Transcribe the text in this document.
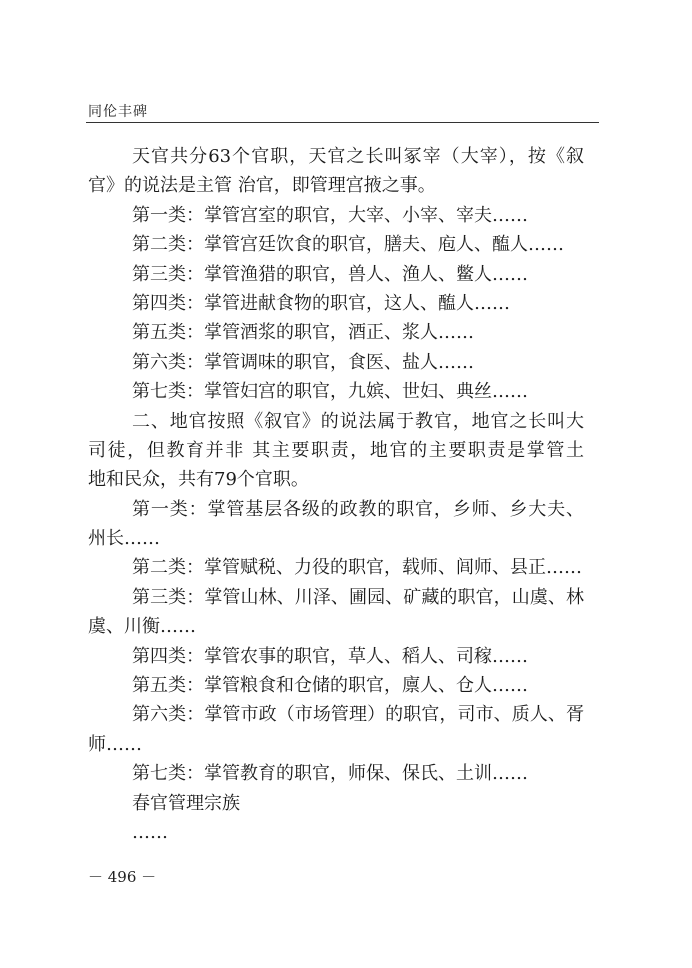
同伦丰碑
天官共分63个官职，天官之长叫冢宰（大宰），按《叙
官》的说法是主管 治官，即管理宫掖之事。
第一类：掌管宫室的职官，大宰、小宰、宰夫……
第二类：掌管宫廷饮食的职官，膳夫、庖人、醢人……
第三类：掌管渔猎的职官，兽人、渔人、鳖人……
第四类：掌管进献食物的职官，这人、醢人……
第五类：掌管酒浆的职官，酒正、浆人……
第六类：掌管调味的职官，食医、盐人……
第七类：掌管妇宫的职官，九嫔、世妇、典丝……
二、地官按照《叙官》的说法属于教官，地官之长叫大
司徒，但教育并非 其主要职责，地官的主要职责是掌管土
地和民众，共有79个官职。
第一类：掌管基层各级的政教的职官，乡师、乡大夫、
州长……
第二类：掌管赋税、力役的职官，载师、闾师、县正……
第三类：掌管山林、川泽、圃园、矿藏的职官，山虞、林
虞、川衡……
第四类：掌管农事的职官，草人、稻人、司稼……
第五类：掌管粮食和仓储的职官，廪人、仓人……
第六类：掌管市政（市场管理）的职官，司市、质人、胥
师……
第七类：掌管教育的职官，师保、保氏、土训……
春官管理宗族
……
－ 496 －
